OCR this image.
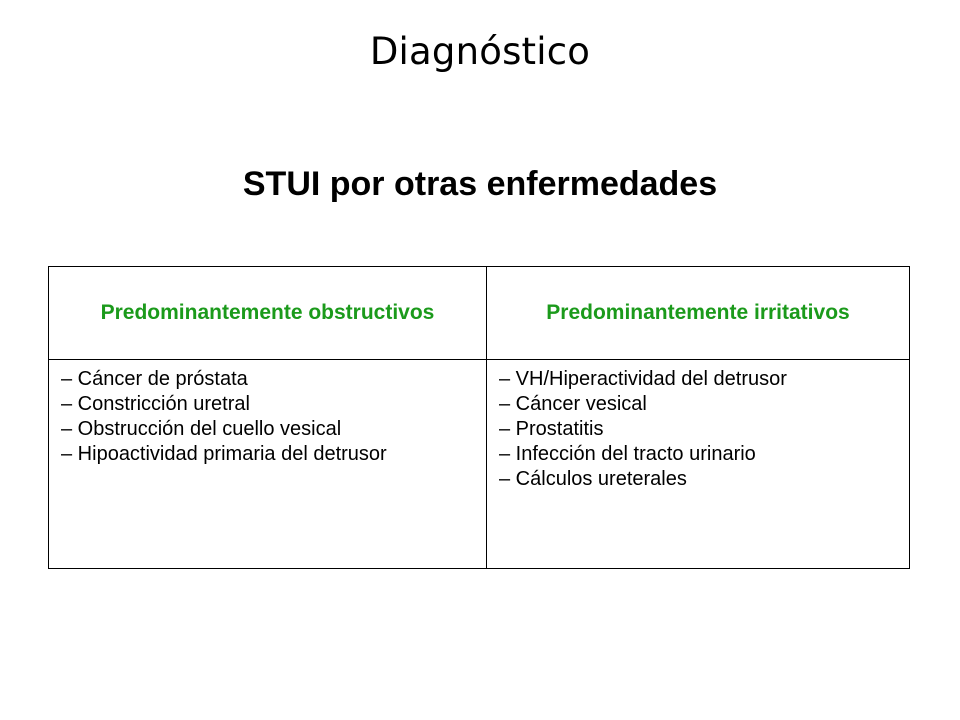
Diagnóstico
STUI por otras enfermedades
Predominantemente obstructivos	Predominantemente irritativos
– Cáncer de próstata
– Constricción uretral
– Obstrucción del cuello vesical
– Hipoactividad primaria del detrusor
– VH/Hiperactividad del detrusor
– Cáncer vesical
– Prostatitis
– Infección del tracto urinario
– Cálculos ureterales
